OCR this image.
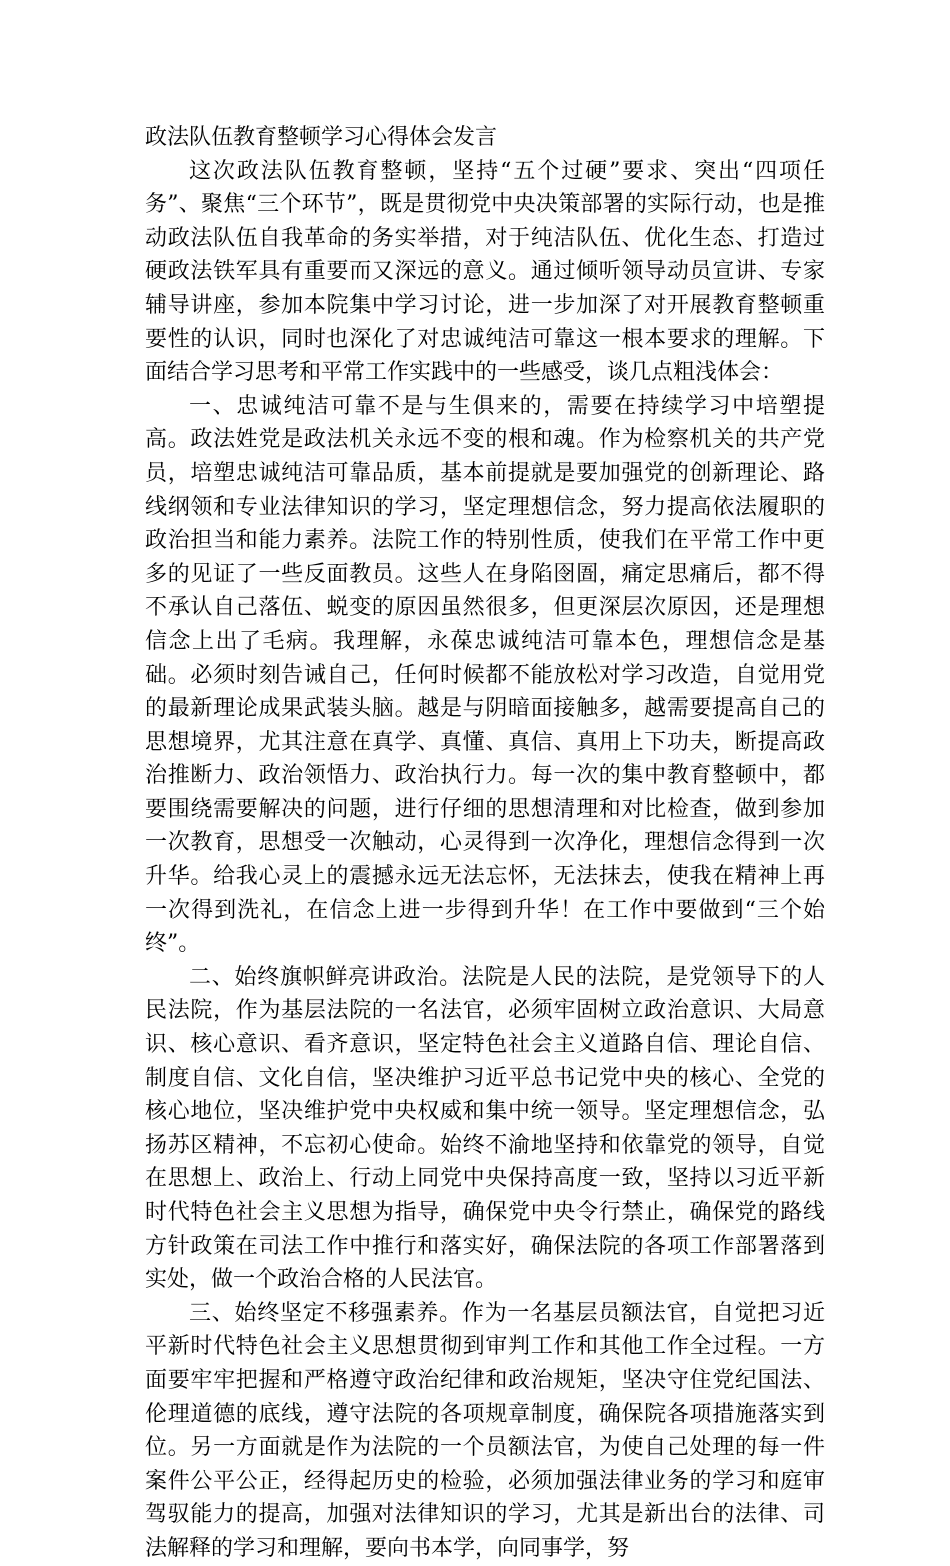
政法队伍教育整顿学习心得体会发言

这次政法队伍教育整顿，坚持“五个过硬”要求、突出“四项任务”、聚焦“三个环节”，既是贯彻党中央决策部署的实际行动，也是推动政法队伍自我革命的务实举措，对于纯洁队伍、优化生态、打造过硬政法铁军具有重要而又深远的意义。通过倾听领导动员宣讲、专家辅导讲座，参加本院集中学习讨论，进一步加深了对开展教育整顿重要性的认识，同时也深化了对忠诚纯洁可靠这一根本要求的理解。下面结合学习思考和平常工作实践中的一些感受，谈几点粗浅体会：

一、忠诚纯洁可靠不是与生俱来的，需要在持续学习中培塑提高。政法姓党是政法机关永远不变的根和魂。作为检察机关的共产党员，培塑忠诚纯洁可靠品质，基本前提就是要加强党的创新理论、路线纲领和专业法律知识的学习，坚定理想信念，努力提高依法履职的政治担当和能力素养。法院工作的特别性质，使我们在平常工作中更多的见证了一些反面教员。这些人在身陷囹圄，痛定思痛后，都不得不承认自己落伍、蜕变的原因虽然很多，但更深层次原因，还是理想信念上出了毛病。我理解，永葆忠诚纯洁可靠本色，理想信念是基础。必须时刻告诫自己，任何时候都不能放松对学习改造，自觉用党的最新理论成果武装头脑。越是与阴暗面接触多，越需要提高自己的思想境界，尤其注意在真学、真懂、真信、真用上下功夫，断提高政治推断力、政治领悟力、政治执行力。每一次的集中教育整顿中，都要围绕需要解决的问题，进行仔细的思想清理和对比检查，做到参加一次教育，思想受一次触动，心灵得到一次净化，理想信念得到一次升华。给我心灵上的震撼永远无法忘怀，无法抹去，使我在精神上再一次得到洗礼，在信念上进一步得到升华！在工作中要做到“三个始终”。

二、始终旗帜鲜亮讲政治。法院是人民的法院，是党领导下的人民法院，作为基层法院的一名法官，必须牢固树立政治意识、大局意识、核心意识、看齐意识，坚定特色社会主义道路自信、理论自信、制度自信、文化自信，坚决维护习近平总书记党中央的核心、全党的核心地位，坚决维护党中央权威和集中统一领导。坚定理想信念，弘扬苏区精神，不忘初心使命。始终不渝地坚持和依靠党的领导，自觉在思想上、政治上、行动上同党中央保持高度一致，坚持以习近平新时代特色社会主义思想为指导，确保党中央令行禁止，确保党的路线方针政策在司法工作中推行和落实好，确保法院的各项工作部署落到实处，做一个政治合格的人民法官。

三、始终坚定不移强素养。作为一名基层员额法官，自觉把习近平新时代特色社会主义思想贯彻到审判工作和其他工作全过程。一方面要牢牢把握和严格遵守政治纪律和政治规矩，坚决守住党纪国法、伦理道德的底线，遵守法院的各项规章制度，确保院各项措施落实到位。另一方面就是作为法院的一个员额法官，为使自己处理的每一件案件公平公正，经得起历史的检验，必须加强法律业务的学习和庭审驾驭能力的提高，加强对法律知识的学习，尤其是新出台的法律、司法解释的学习和理解，要向书本学，向同事学，努
